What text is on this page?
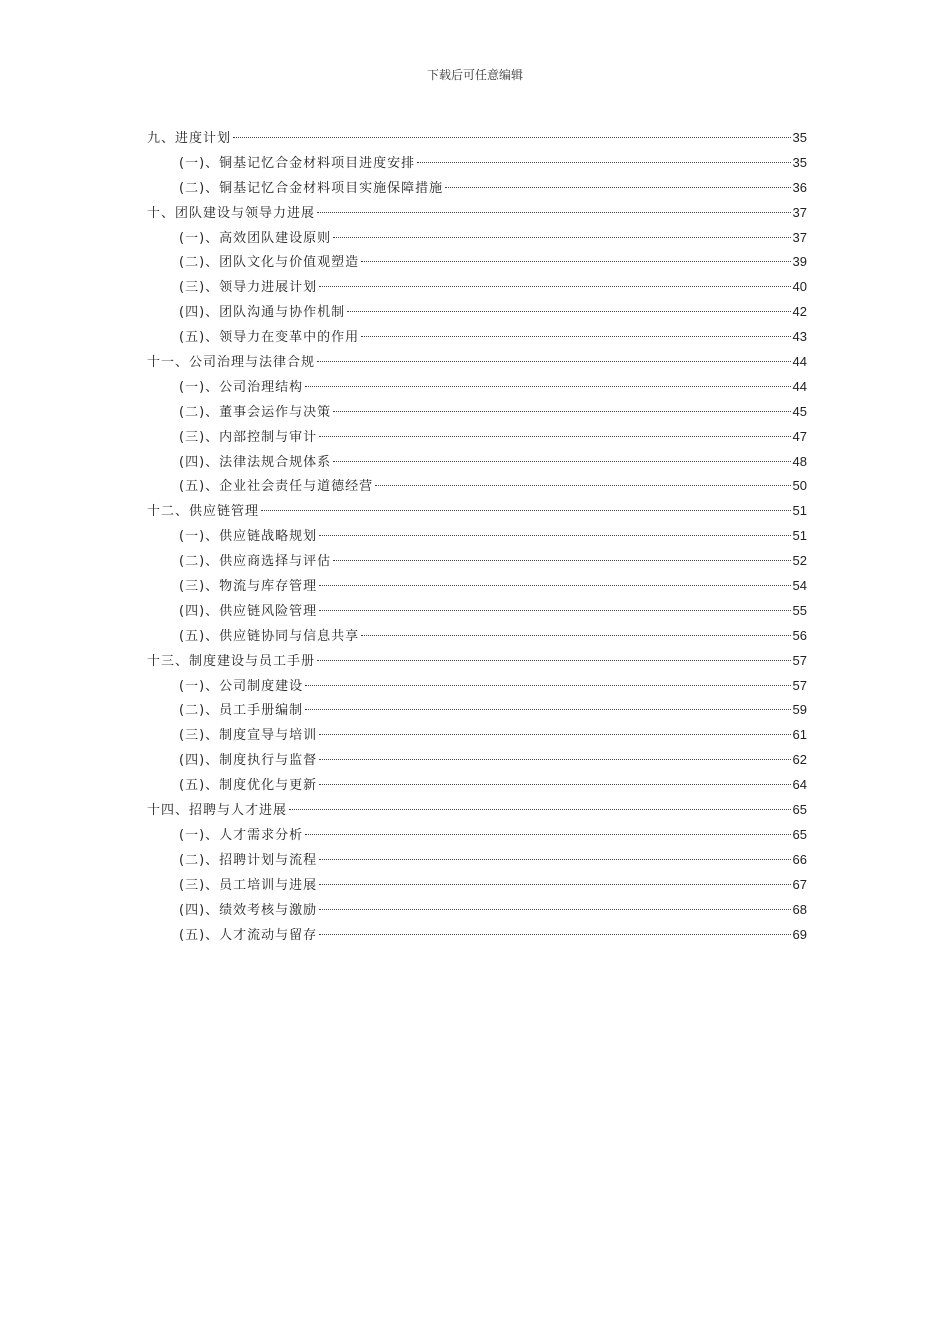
下载后可任意编辑
九、进度计划	35
(一)、铜基记忆合金材料项目进度安排	35
(二)、铜基记忆合金材料项目实施保障措施	36
十、团队建设与领导力进展	37
(一)、高效团队建设原则	37
(二)、团队文化与价值观塑造	39
(三)、领导力进展计划	40
(四)、团队沟通与协作机制	42
(五)、领导力在变革中的作用	43
十一、公司治理与法律合规	44
(一)、公司治理结构	44
(二)、董事会运作与决策	45
(三)、内部控制与审计	47
(四)、法律法规合规体系	48
(五)、企业社会责任与道德经营	50
十二、供应链管理	51
(一)、供应链战略规划	51
(二)、供应商选择与评估	52
(三)、物流与库存管理	54
(四)、供应链风险管理	55
(五)、供应链协同与信息共享	56
十三、制度建设与员工手册	57
(一)、公司制度建设	57
(二)、员工手册编制	59
(三)、制度宣导与培训	61
(四)、制度执行与监督	62
(五)、制度优化与更新	64
十四、招聘与人才进展	65
(一)、人才需求分析	65
(二)、招聘计划与流程	66
(三)、员工培训与进展	67
(四)、绩效考核与激励	68
(五)、人才流动与留存	69
